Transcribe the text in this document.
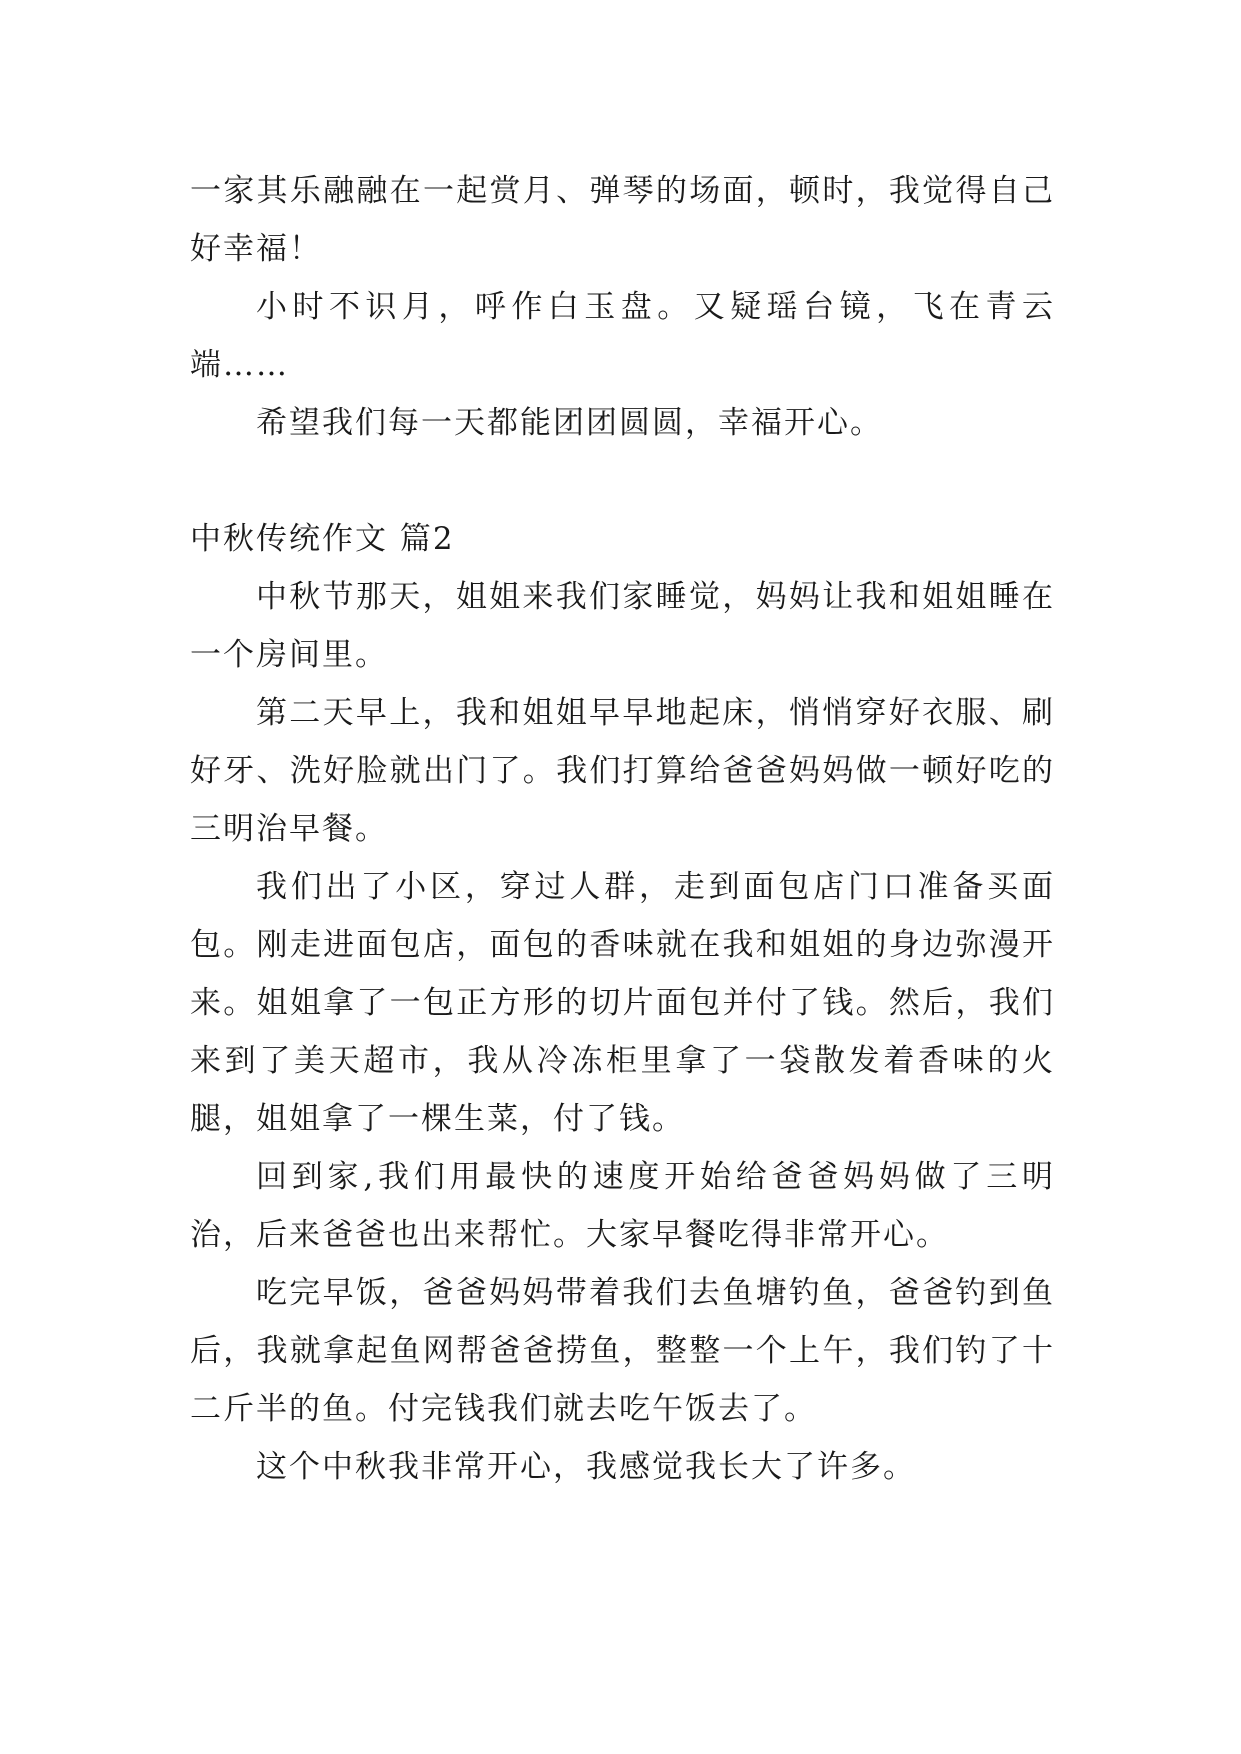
一家其乐融融在一起赏月、弹琴的场面，顿时，我觉得自己好幸福！

小时不识月，呼作白玉盘。又疑瑶台镜，飞在青云端……

希望我们每一天都能团团圆圆，幸福开心。

中秋传统作文 篇2

中秋节那天，姐姐来我们家睡觉，妈妈让我和姐姐睡在一个房间里。

第二天早上，我和姐姐早早地起床，悄悄穿好衣服、刷好牙、洗好脸就出门了。我们打算给爸爸妈妈做一顿好吃的三明治早餐。

我们出了小区，穿过人群，走到面包店门口准备买面包。刚走进面包店，面包的香味就在我和姐姐的身边弥漫开来。姐姐拿了一包正方形的切片面包并付了钱。然后，我们来到了美天超市，我从冷冻柜里拿了一袋散发着香味的火腿，姐姐拿了一棵生菜，付了钱。

回到家,我们用最快的速度开始给爸爸妈妈做了三明治，后来爸爸也出来帮忙。大家早餐吃得非常开心。

吃完早饭，爸爸妈妈带着我们去鱼塘钓鱼，爸爸钓到鱼后，我就拿起鱼网帮爸爸捞鱼，整整一个上午，我们钓了十二斤半的鱼。付完钱我们就去吃午饭去了。

这个中秋我非常开心，我感觉我长大了许多。
